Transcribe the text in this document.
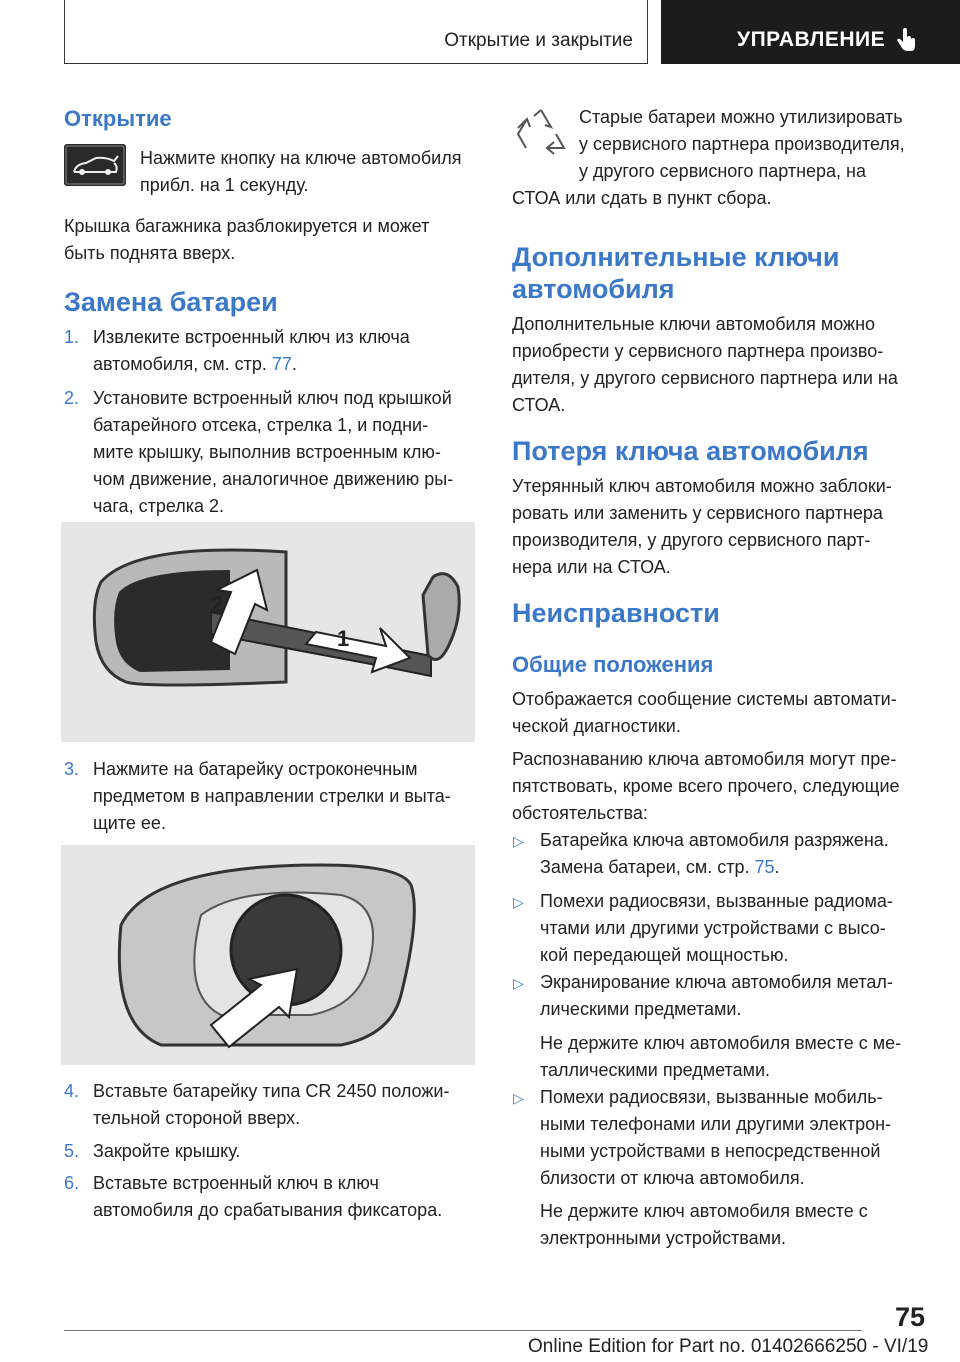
Открытие и закрытие	УПРАВЛЕНИЕ
Открытие
Нажмите кнопку на ключе автомобиля
прибл. на 1 секунду.
Крышка багажника разблокируется и может
быть поднята вверх.
Замена батареи
1. Извлеките встроенный ключ из ключа
автомобиля, см. стр. 77.
2. Установите встроенный ключ под крышкой
батарейного отсека, стрелка 1, и подни-
мите крышку, выполнив встроенным клю-
чом движение, аналогичное движению ры-
чага, стрелка 2.
2
1
3. Нажмите на батарейку остроконечным
предметом в направлении стрелки и выта-
щите ее.
4. Вставьте батарейку типа CR 2450 положи-
тельной стороной вверх.
5. Закройте крышку.
6. Вставьте встроенный ключ в ключ
автомобиля до срабатывания фиксатора.
Старые батареи можно утилизировать
у сервисного партнера производителя,
у другого сервисного партнера, на
СТОА или сдать в пункт сбора.
Дополнительные ключи
автомобиля
Дополнительные ключи автомобиля можно
приобрести у сервисного партнера произво-
дителя, у другого сервисного партнера или на
СТОА.
Потеря ключа автомобиля
Утерянный ключ автомобиля можно заблоки-
ровать или заменить у сервисного партнера
производителя, у другого сервисного парт-
нера или на СТОА.
Неисправности
Общие положения
Отображается сообщение системы автомати-
ческой диагностики.
Распознаванию ключа автомобиля могут пре-
пятствовать, кроме всего прочего, следующие
обстоятельства:
▷ Батарейка ключа автомобиля разряжена.
Замена батареи, см. стр. 75.
▷ Помехи радиосвязи, вызванные радиома-
чтами или другими устройствами с высо-
кой передающей мощностью.
▷ Экранирование ключа автомобиля метал-
лическими предметами.
Не держите ключ автомобиля вместе с ме-
таллическими предметами.
▷ Помехи радиосвязи, вызванные мобиль-
ными телефонами или другими электрон-
ными устройствами в непосредственной
близости от ключа автомобиля.
Не держите ключ автомобиля вместе с
электронными устройствами.
75
Online Edition for Part no. 01402666250 - VI/19
